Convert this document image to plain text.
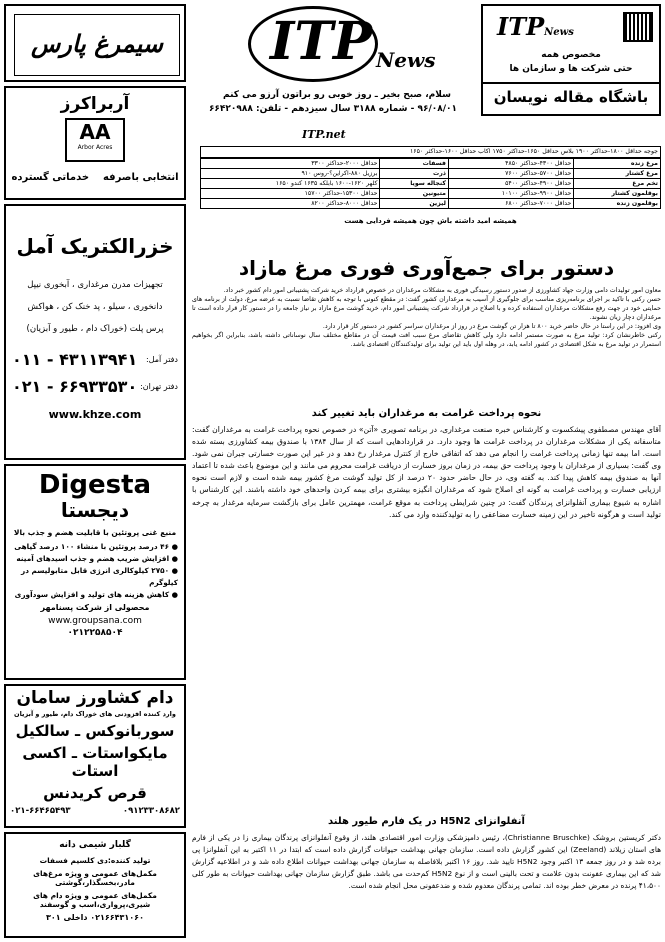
سیمرغ پارس
آربراکرز
AA
Arbor Acres
انتخابی باصرفه    خدماتی گسترده
خزرالکتریک آمل
تجهیزات مدرن مرغداری ، آبخوری نیپل
دانخوری ، سیلو ، پد خنک کن ، هواکش
پرس پلت (خوراک دام ، طیور و آبزیان)
دفتر آمل:
۴۳۱۱۳۹۴۱ - ۰۱۱
دفتر تهران:
۶۶۹۳۳۵۳۰ - ۰۲۱
www.khze.com
Digesta
دیجستا
منبع غنی پروتئین با قابلیت هضم و جذب بالا
● ۴۶ درصد پروتئین با منشاء ۱۰۰ درصد گیاهی
● افزایش ضریب هضم و جذب اسیدهای آمینه
● ۲۷۵۰ کیلوکالری انرژی قابل متابولیسم در کیلوگرم
● کاهش هزینه های تولید و افزایش سودآوری
محصولی از شرکت پسنامهر
www.groupsana.com
۰۲۱۲۲۵۸۵۰۴
دام کشاورز سامان
وارد کننده افزودنی های خوراک دام، طیور و آبزیان
سوربانوکس ـ سالکیل
مایکواستات ـ اکسی استات
قرص کریدنس
۰۹۱۲۳۳۰۸۶۸۲
۰۲۱-۶۶۴۶۵۴۹۳
گلبار شیمی دانه
تولید کننده:دی کلسیم فسفات
مکمل‌های عمومی و ویژه مرغ‌های مادر،بخسگذار،گوشتی
مکمل‌های عمومی و ویژه دام های شیری،پرواری،اسب و گوسفند
۰۲۱۶۶۴۳۱۰۶۰ داخلی ۳۰۱
ITPNews
مخصوص همه
حتی شرکت ها و سازمان ها
باشگاه مقاله نویسان
ITP News
سلام، صبح بخیر ـ روز خوبی رو براتون آرزو می کنم
۹۶/۰۸/۰۱ - شماره ۳۱۸۸ سال سیزدهم - تلفن: ۶۶۴۲۰۹۸۸
ITP.net
جوجه حداقل ۱۸۰۰-حداکثر ۱۹۰۰ بلاس حداقل ۱۶۵۰-حداکثر ۱۷۵۰ اکاب حداقل ۱۶۰۰-حداکثر ۱۶۵۰
مرغ زنده	حداقل ۴۳۰۰-حداکثر ۴۸۵۰	فسفات	حداقل ۲۰۰۰-حداکثر ۳۳۰۰
مرغ کشتار	حداقل ۵۷۰۰-حداکثر ۷۶۰۰	ذرت	برزیل ۸۸۰-اکراین؟-روس ۹۱۰
تخم مرغ	حداقل ۴۹۰۰-حداکثر ۵۴۰۰	کنجاله سویا	کلهر ۱۶۲۰-۱۶۰۰ بابلکه ۱۶۳۵ کندو ۱۶۵۰
بوقلمون کشتار	حداقل ۹۹۰۰-حداکثر ۱۰۱۰۰	متیونین	حداقل ۱۵۳۰۰-حداکثر ۱۵۷۰۰
بوقلمون زنده	حداقل ۷۰۰۰-حداکثر ۶۸۰۰	لیزین	حداقل ۸۰۰۰-حداکثر ۸۲۰۰
همیشه امید داشته باش چون همیشه فردایی هست
دستور برای جمع‌آوری فوری مرغ مازاد

معاون امور تولیدات دامی وزارت جهاد کشاورزی از صدور دستور رسیدگی فوری به مشکلات مرغداران در خصوص قرارداد خرید شرکت پشتیبانی امور دام کشور خبر داد.

حسن رکنی با تاکید بر اجرای برنامه‌ریزی مناسب برای جلوگیری از آسیب به مرغداران کشور گفت: در مقطع کنونی با توجه به کاهش تقاضا نسبت به عرضه مرغ، دولت از برنامه های حمایتی خود در جهت رفع مشکلات مرغداران استفاده کرده و با اصلاح در قرارداد شرکت پشتیبانی امور دام، خرید گوشت مرغ مازاد بر نیاز جامعه را در دستور کار قرار داده است تا مرغداران دچار زیان نشوند.

وی افزود: در این راستا در حال حاضر خرید ۸۰۰ تا هزار تن گوشت مرغ در روز از مرغداران سراسر کشور در دستور کار قرار دارد.

رکنی خاطرنشان کرد: تولید مرغ به صورت مستمر ادامه دارد ولی کاهش تقاضای مرغ سبب افت قیمت آن در مقاطع مختلف سال نوساناتی داشته باشد، بنابراین اگر بخواهیم استمرار در تولید مرغ به شکل اقتصادی در کشور ادامه یابد، در وهله اول باید این تولید برای تولیدکنندگان اقتصادی باشد.

نحوه پرداخت غرامت به مرغداران باید تغییر کند

آقای مهندس مصطفوی پیشکسوت و کارشناس خبره صنعت مرغداری، در برنامه تصویری «آتن» در خصوص نحوه پرداخت غرامت به مرغداران گفت: متاسفانه یکی از مشکلات مرغداران در پرداخت غرامت ها وجود دارد. در قراردادهایی است که از سال ۱۳۸۴ با صندوق بیمه کشاورزی بسته شده است. اما بیمه تنها زمانی پرداخت غرامت را انجام می دهد که اتفاقی خارج از کنترل مرغدار رخ دهد و در غیر این صورت خسارتی جبران نمی شود. وی گفت: بسیاری از مرغداران با وجود پرداخت حق بیمه، در زمان بروز خسارت از دریافت غرامت محروم می مانند و این موضوع باعث شده تا اعتماد آنها به صندوق بیمه کاهش پیدا کند. به گفته وی، در حال حاضر حدود ۲۰ درصد از کل تولید گوشت مرغ کشور بیمه شده است و لازم است نحوه ارزیابی خسارت و پرداخت غرامت به گونه ای اصلاح شود که مرغداران انگیزه بیشتری برای بیمه کردن واحدهای خود داشته باشند. این کارشناس با اشاره به شیوع بیماری آنفلوانزای پرندگان گفت: در چنین شرایطی پرداخت به موقع غرامت، مهمترین عامل برای بازگشت سرمایه مرغدار به چرخه تولید است و هرگونه تاخیر در این زمینه خسارت مضاعفی را به تولیدکننده وارد می کند.

آنفلوانزای H5N2 در یک فارم طیور هلند

دکتر کریستین بروشک (Christianne Bruschke)، رئیس دامپزشکی وزارت امور اقتصادی هلند، از وقوع آنفلوانزای پرندگان بیماری زا در یکی از فارم های استان زیلاند (Zeeland) این کشور گزارش داده است. سازمان جهانی بهداشت حیوانات گزارش داده است که ابتدا در ۱۱ اکتبر به این آنفلوانزا پی برده شد و در روز جمعه ۱۳ اکتبر وجود H5N2 تایید شد. روز ۱۶ اکتبر بلافاصله به سازمان جهانی بهداشت حیوانات اطلاع داده شد و در اطلاعیه گزارش شد که این بیماری عفونت بدون علامت و تحت بالینی است و از نوع H5N2 کم‌حدت می باشد. طبق گزارش سازمان جهانی بهداشت حیوانات به طور کلی ۴۱،۵۰۰ پرنده در معرض خطر بوده اند. تمامی پرندگان معدوم شده و ضدعفونی محل انجام شده است.
